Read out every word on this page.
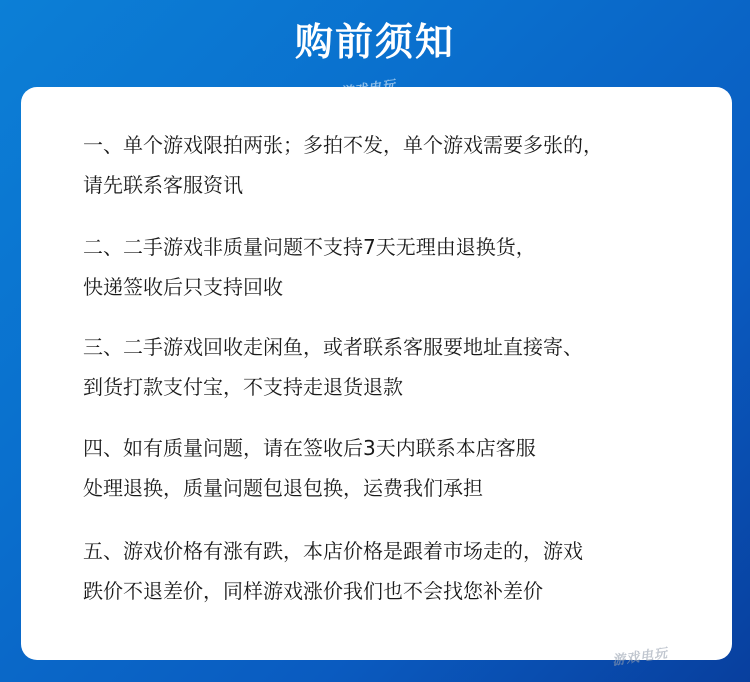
购前须知
一、单个游戏限拍两张；多拍不发，单个游戏需要多张的，
请先联系客服资讯
二、二手游戏非质量问题不支持7天无理由退换货，
快递签收后只支持回收
三、二手游戏回收走闲鱼，或者联系客服要地址直接寄、
到货打款支付宝，不支持走退货退款
四、如有质量问题，请在签收后3天内联系本店客服
处理退换，质量问题包退包换，运费我们承担
五、游戏价格有涨有跌，本店价格是跟着市场走的，游戏
跌价不退差价，同样游戏涨价我们也不会找您补差价
游戏电玩
